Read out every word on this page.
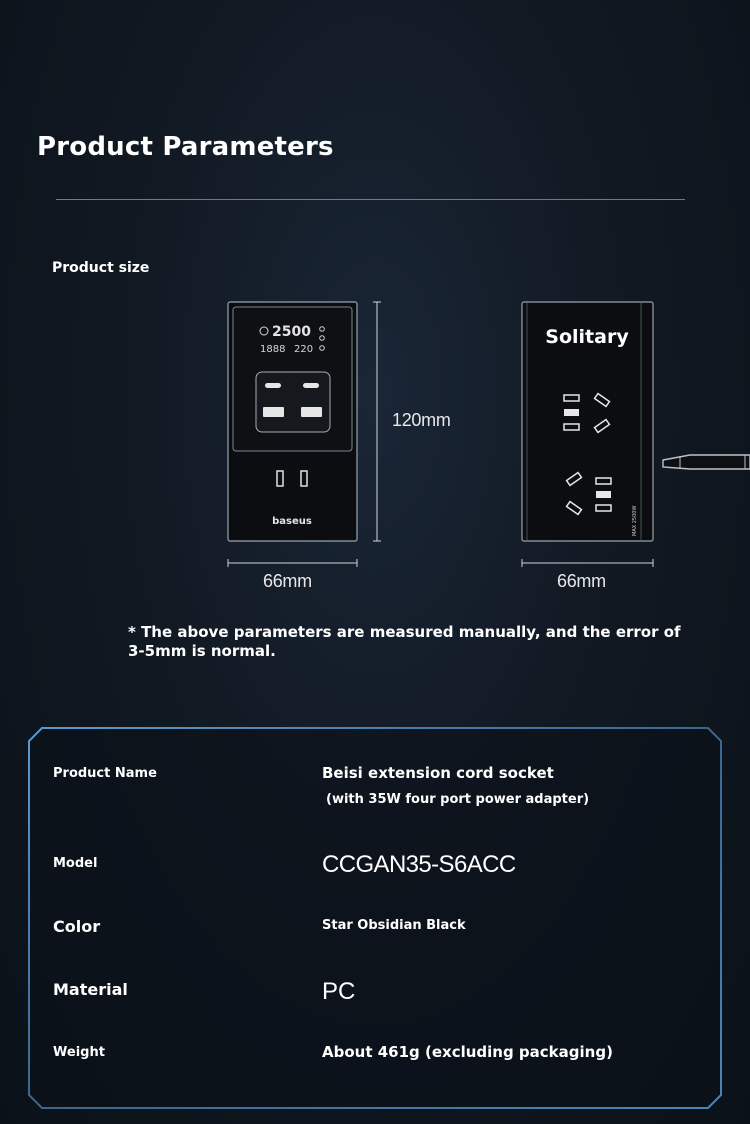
Product Parameters
Product size
2500
1888 220
baseus
120mm
66mm
Solitary
MAX 2500W
66mm
* The above parameters are measured manually, and the error of 3-5mm is normal.
Product Name	Beisi extension cord socket
(with 35W four port power adapter)
Model	CCGAN35-S6ACC
Color	Star Obsidian Black
Material	PC
Weight	About 461g (excluding packaging)
